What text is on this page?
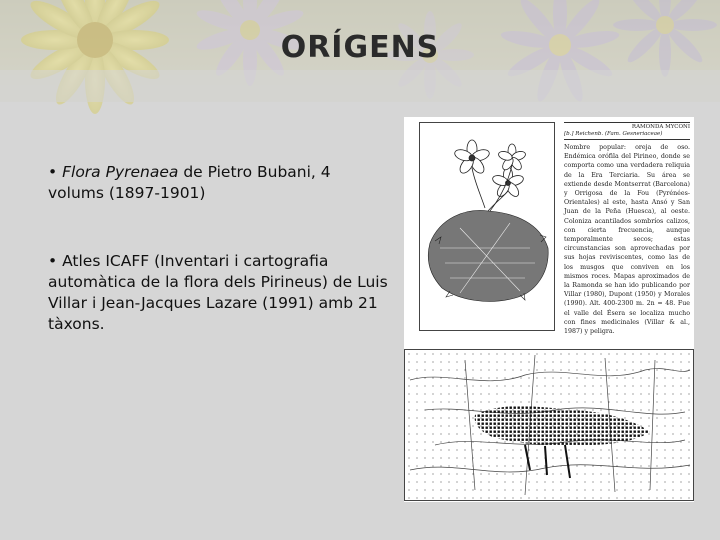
ORÍGENS
• Flora Pyrenaea de Pietro Bubani, 4 volums (1897-1901)
• Atles ICAFF (Inventari i cartografia automàtica de la flora dels Pirineus) de Luis Villar i Jean-Jacques Lazare (1991) amb 21 tàxons.
RAMONDA MYCONI
[b.] Reichenb. (Fam. Gesneriaceae)
Nombre popular: oreja de oso. Endémica orófila del Pirineo, donde se comporta como una verdadera reliquia de la Era Terciaria. Su área se extiende desde Montserrat (Barcelona) y Orrigosa de la Fou (Pyrénées-Orientales) al este, hasta Ansó y San Juan de la Peña (Huesca), al oeste. Coloniza acantilados sombríos calizos, con cierta frecuencia, aunque temporalmente secos; estas circunstancias son aprovechadas por sus hojas reviviscentes, como las de los musgos que conviven en los mismos roces. Mapas aproximados de la Ramonda se han ido publicando por Villar (1980), Dupont (1950) y Morales (1990). Alt. 400-2300 m. 2n = 48. Fue el valle del Ésera se localiza mucho con fines medicinales (Villar & al., 1987) y peligra.
